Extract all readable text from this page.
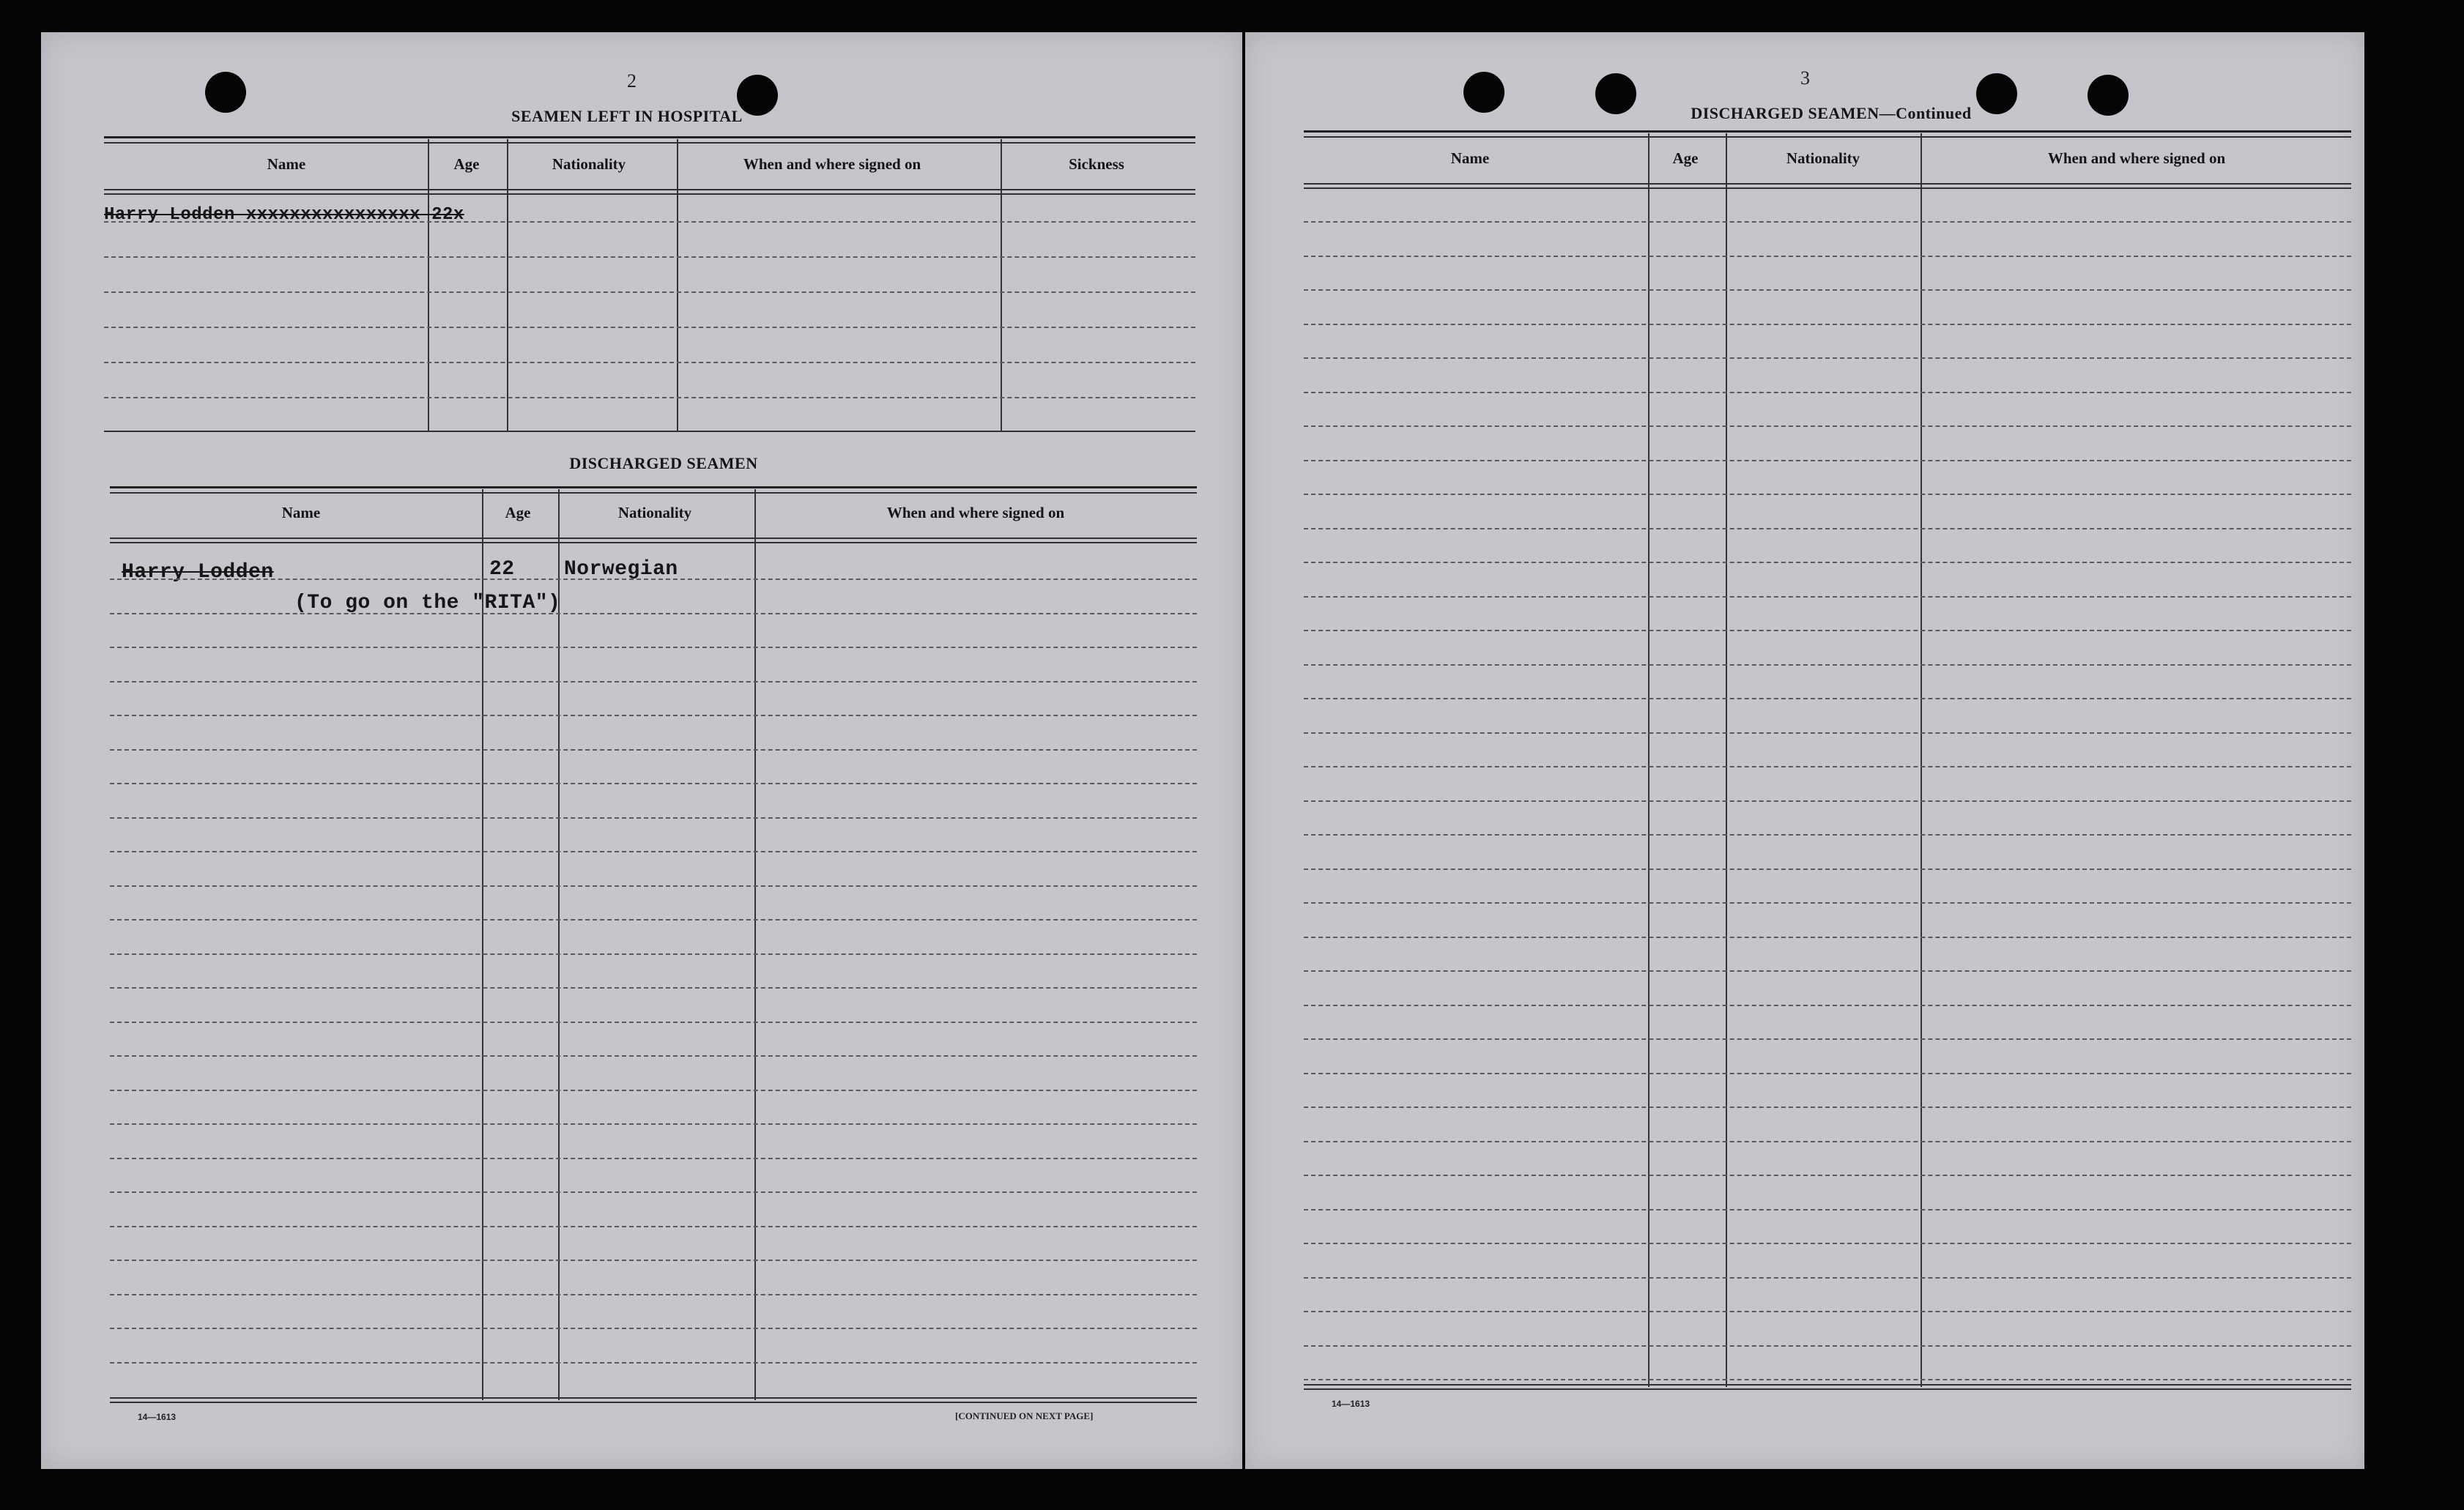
2
SEAMEN LEFT IN HOSPITAL
Name	Age	Nationality	When and where signed on	Sickness
Harry Lodden xxxxxxxxxxxxxxxx 22x
DISCHARGED SEAMEN
Name	Age	Nationality	When and where signed on
Harry Lodden	22 Norwegian
(To go on the "RITA")
14—1613	[CONTINUED ON NEXT PAGE]
3
DISCHARGED SEAMEN—Continued
Name	Age	Nationality	When and where signed on
14—1613
